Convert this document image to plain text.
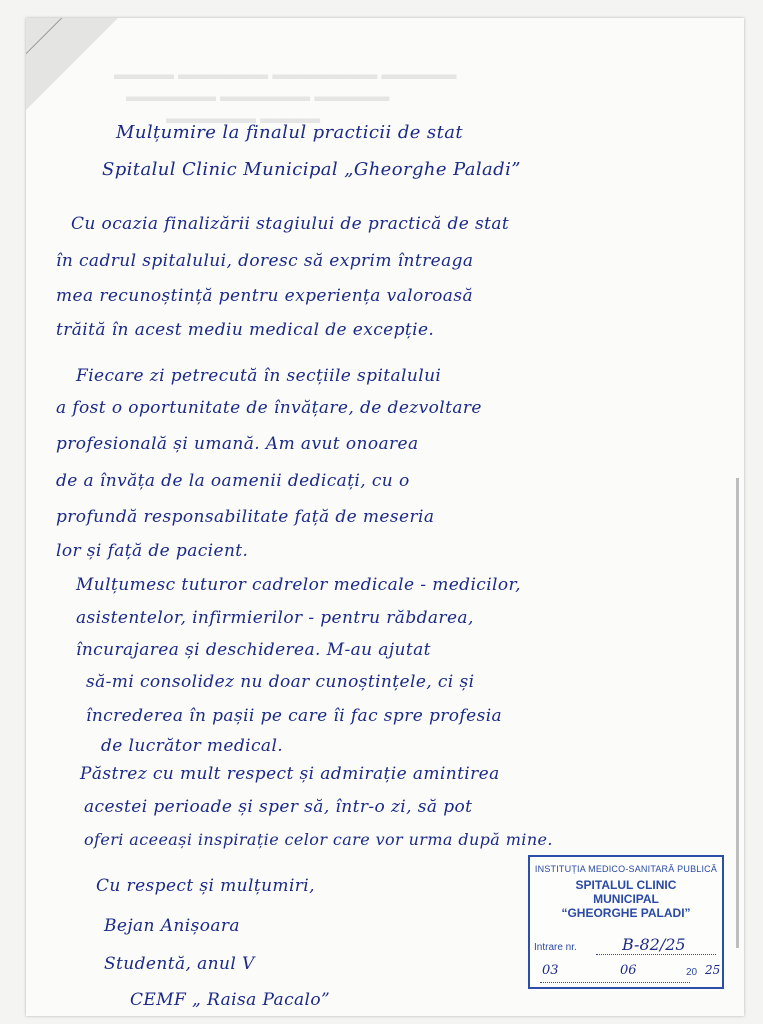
▬▬▬▬ ▬▬▬▬▬▬ ▬▬▬▬▬▬▬ ▬▬▬▬▬
▬▬▬▬▬▬ ▬▬▬▬▬▬ ▬▬▬▬▬
▬▬▬▬▬▬ ▬▬▬▬

Mulțumire la finalul practicii de stat

Spitalul Clinic Municipal „Gheorghe Paladi”

Cu ocazia finalizării stagiului de practică de stat

în cadrul spitalului, doresc să exprim întreaga

mea recunoștință pentru experiența valoroasă

trăită în acest mediu medical de excepție.

Fiecare zi petrecută în secțiile spitalului

a fost o oportunitate de învățare, de dezvoltare

profesională și umană. Am avut onoarea

de a învăța de la oamenii dedicați, cu o

profundă responsabilitate față de meseria

lor și față de pacient.

Mulțumesc tuturor cadrelor medicale - medicilor,

asistentelor, infirmierilor - pentru răbdarea,

încurajarea și deschiderea. M-au ajutat

să-mi consolidez nu doar cunoștințele, ci și

încrederea în pașii pe care îi fac spre profesia

de lucrător medical.

Păstrez cu mult respect și admirație amintirea

acestei perioade și sper să, într-o zi, să pot

oferi aceeași inspirație celor care vor urma după mine.

Cu respect și mulțumiri,

Bejan Anișoara

Studentă, anul V

CEMF „ Raisa Pacalo”

INSTITUȚIA MEDICO-SANITARĂ PUBLICĂ
SPITALUL CLINIC
MUNICIPAL
“GHEORGHE PALADI”
Intrare nr.	B-82/25
03	06	20 25
